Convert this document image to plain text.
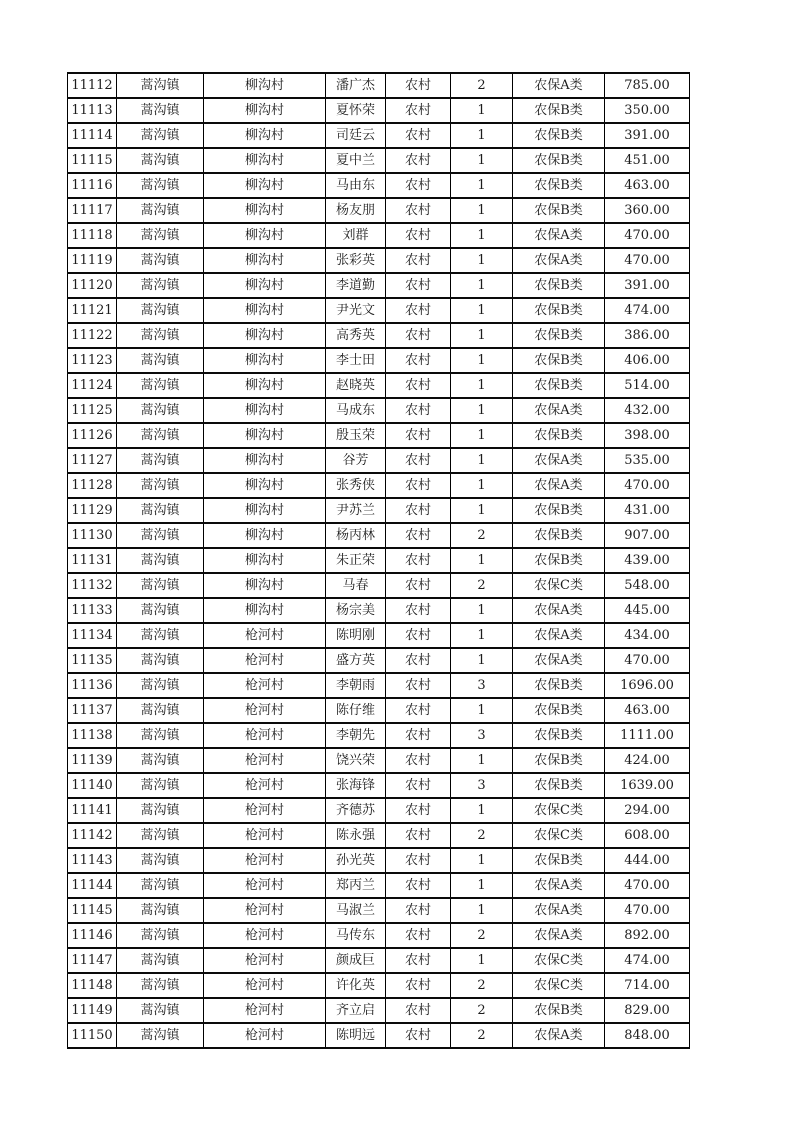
11112	蒿沟镇	柳沟村	潘广杰	农村	2	农保A类	785.00
11113	蒿沟镇	柳沟村	夏怀荣	农村	1	农保B类	350.00
11114	蒿沟镇	柳沟村	司廷云	农村	1	农保B类	391.00
11115	蒿沟镇	柳沟村	夏中兰	农村	1	农保B类	451.00
11116	蒿沟镇	柳沟村	马由东	农村	1	农保B类	463.00
11117	蒿沟镇	柳沟村	杨友朋	农村	1	农保B类	360.00
11118	蒿沟镇	柳沟村	刘群	农村	1	农保A类	470.00
11119	蒿沟镇	柳沟村	张彩英	农村	1	农保A类	470.00
11120	蒿沟镇	柳沟村	李道勤	农村	1	农保B类	391.00
11121	蒿沟镇	柳沟村	尹光文	农村	1	农保B类	474.00
11122	蒿沟镇	柳沟村	高秀英	农村	1	农保B类	386.00
11123	蒿沟镇	柳沟村	李士田	农村	1	农保B类	406.00
11124	蒿沟镇	柳沟村	赵晓英	农村	1	农保B类	514.00
11125	蒿沟镇	柳沟村	马成东	农村	1	农保A类	432.00
11126	蒿沟镇	柳沟村	殷玉荣	农村	1	农保B类	398.00
11127	蒿沟镇	柳沟村	谷芳	农村	1	农保A类	535.00
11128	蒿沟镇	柳沟村	张秀侠	农村	1	农保A类	470.00
11129	蒿沟镇	柳沟村	尹苏兰	农村	1	农保B类	431.00
11130	蒿沟镇	柳沟村	杨丙林	农村	2	农保B类	907.00
11131	蒿沟镇	柳沟村	朱正荣	农村	1	农保B类	439.00
11132	蒿沟镇	柳沟村	马春	农村	2	农保C类	548.00
11133	蒿沟镇	柳沟村	杨宗美	农村	1	农保A类	445.00
11134	蒿沟镇	枪河村	陈明刚	农村	1	农保A类	434.00
11135	蒿沟镇	枪河村	盛方英	农村	1	农保A类	470.00
11136	蒿沟镇	枪河村	李朝雨	农村	3	农保B类	1696.00
11137	蒿沟镇	枪河村	陈仔维	农村	1	农保B类	463.00
11138	蒿沟镇	枪河村	李朝先	农村	3	农保B类	1111.00
11139	蒿沟镇	枪河村	饶兴荣	农村	1	农保B类	424.00
11140	蒿沟镇	枪河村	张海锋	农村	3	农保B类	1639.00
11141	蒿沟镇	枪河村	齐德苏	农村	1	农保C类	294.00
11142	蒿沟镇	枪河村	陈永强	农村	2	农保C类	608.00
11143	蒿沟镇	枪河村	孙光英	农村	1	农保B类	444.00
11144	蒿沟镇	枪河村	郑丙兰	农村	1	农保A类	470.00
11145	蒿沟镇	枪河村	马淑兰	农村	1	农保A类	470.00
11146	蒿沟镇	枪河村	马传东	农村	2	农保A类	892.00
11147	蒿沟镇	枪河村	颜成巨	农村	1	农保C类	474.00
11148	蒿沟镇	枪河村	许化英	农村	2	农保C类	714.00
11149	蒿沟镇	枪河村	齐立启	农村	2	农保B类	829.00
11150	蒿沟镇	枪河村	陈明远	农村	2	农保A类	848.00
